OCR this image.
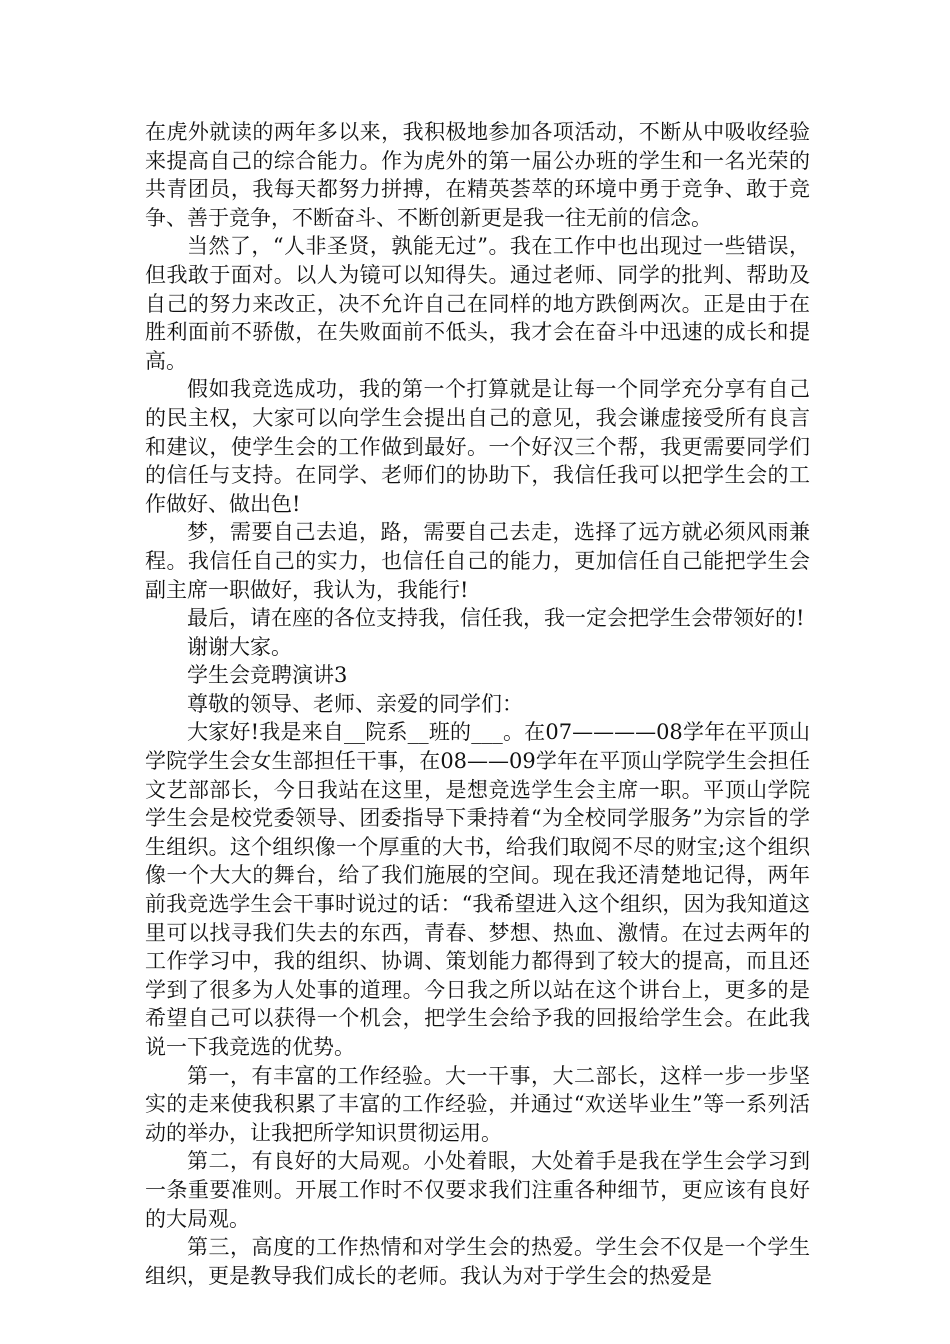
在虎外就读的两年多以来，我积极地参加各项活动，不断从中吸收经验来提高自己的综合能力。作为虎外的第一届公办班的学生和一名光荣的共青团员，我每天都努力拼搏，在精英荟萃的环境中勇于竞争、敢于竞争、善于竞争，不断奋斗、不断创新更是我一往无前的信念。

当然了，“人非圣贤，孰能无过”。我在工作中也出现过一些错误，但我敢于面对。以人为镜可以知得失。通过老师、同学的批判、帮助及自己的努力来改正，决不允许自己在同样的地方跌倒两次。正是由于在胜利面前不骄傲，在失败面前不低头，我才会在奋斗中迅速的成长和提高。

假如我竞选成功，我的第一个打算就是让每一个同学充分享有自己的民主权，大家可以向学生会提出自己的意见，我会谦虚接受所有良言和建议，使学生会的工作做到最好。一个好汉三个帮，我更需要同学们的信任与支持。在同学、老师们的协助下，我信任我可以把学生会的工作做好、做出色!

梦，需要自己去追，路，需要自己去走，选择了远方就必须风雨兼程。我信任自己的实力，也信任自己的能力，更加信任自己能把学生会副主席一职做好，我认为，我能行!

最后，请在座的各位支持我，信任我，我一定会把学生会带领好的!

谢谢大家。

学生会竞聘演讲3

尊敬的领导、老师、亲爱的同学们：

大家好!我是来自__院系__班的___。在07————08学年在平顶山学院学生会女生部担任干事，在08——09学年在平顶山学院学生会担任文艺部部长，今日我站在这里，是想竞选学生会主席一职。平顶山学院学生会是校党委领导、团委指导下秉持着“为全校同学服务”为宗旨的学生组织。这个组织像一个厚重的大书，给我们取阅不尽的财宝;这个组织像一个大大的舞台，给了我们施展的空间。现在我还清楚地记得，两年前我竞选学生会干事时说过的话：“我希望进入这个组织，因为我知道这里可以找寻我们失去的东西，青春、梦想、热血、激情。在过去两年的工作学习中，我的组织、协调、策划能力都得到了较大的提高，而且还学到了很多为人处事的道理。今日我之所以站在这个讲台上，更多的是希望自己可以获得一个机会，把学生会给予我的回报给学生会。在此我说一下我竞选的优势。

第一，有丰富的工作经验。大一干事，大二部长，这样一步一步坚实的走来使我积累了丰富的工作经验，并通过“欢送毕业生”等一系列活动的举办，让我把所学知识贯彻运用。

第二，有良好的大局观。小处着眼，大处着手是我在学生会学习到一条重要准则。开展工作时不仅要求我们注重各种细节，更应该有良好的大局观。

第三，高度的工作热情和对学生会的热爱。学生会不仅是一个学生组织，更是教导我们成长的老师。我认为对于学生会的热爱是
